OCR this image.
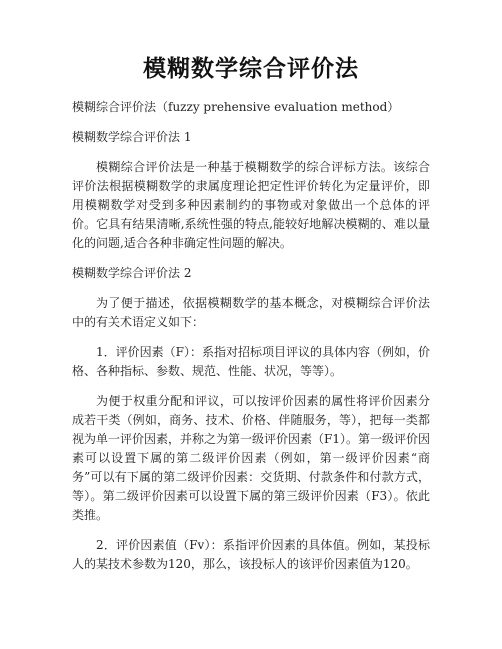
模糊数学综合评价法

模糊综合评价法（fuzzy prehensive evaluation method）

模糊数学综合评价法 1

模糊综合评价法是一种基于模糊数学的综合评标方法。该综合评价法根据模糊数学的隶属度理论把定性评价转化为定量评价，即用模糊数学对受到多种因素制约的事物或对象做出一个总体的评价。它具有结果清晰,系统性强的特点,能较好地解决模糊的、难以量化的问题,适合各种非确定性问题的解决。

模糊数学综合评价法 2

为了便于描述，依据模糊数学的基本概念，对模糊综合评价法中的有关术语定义如下：

1．评价因素（F）：系指对招标项目评议的具体内容（例如，价格、各种指标、参数、规范、性能、状况，等等）。

为便于权重分配和评议，可以按评价因素的属性将评价因素分成若干类（例如，商务、技术、价格、伴随服务，等），把每一类都视为单一评价因素，并称之为第一级评价因素（F1）。第一级评价因素可以设置下属的第二级评价因素（例如，第一级评价因素“商务”可以有下属的第二级评价因素：交货期、付款条件和付款方式，等）。第二级评价因素可以设置下属的第三级评价因素（F3）。依此类推。

2．评价因素值（Fv）：系指评价因素的具体值。例如，某投标人的某技术参数为120，那么，该投标人的该评价因素值为120。
